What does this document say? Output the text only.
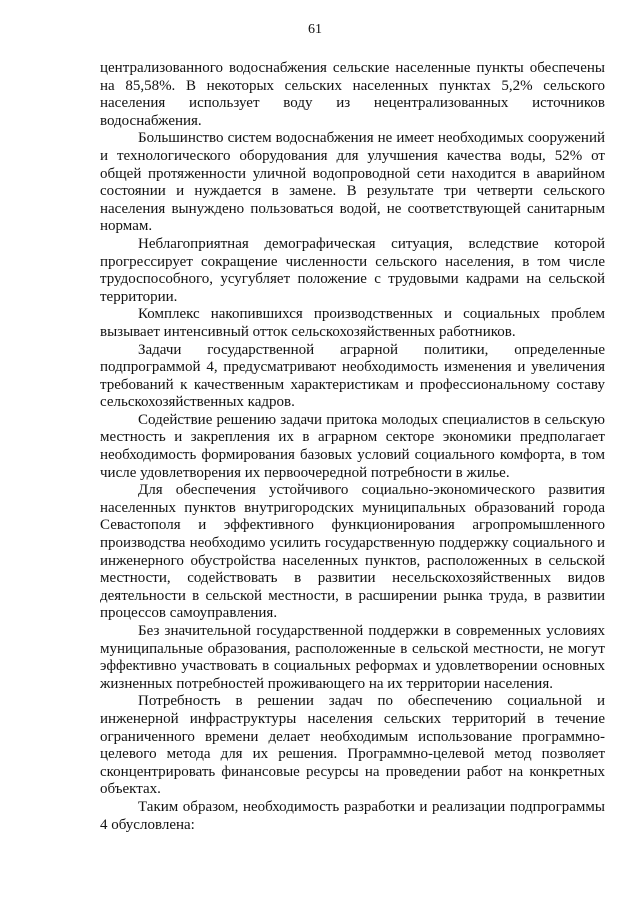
61

централизованного водоснабжения сельские населенные пункты обеспечены на 85,58%. В некоторых сельских населенных пунктах 5,2% сельского населения использует воду из нецентрализованных источников водоснабжения.

Большинство систем водоснабжения не имеет необходимых сооружений и технологического оборудования для улучшения качества воды, 52% от общей протяженности уличной водопроводной сети находится в аварийном состоянии и нуждается в замене. В результате три четверти сельского населения вынуждено пользоваться водой, не соответствующей санитарным нормам.

Неблагоприятная демографическая ситуация, вследствие которой прогрессирует сокращение численности сельского населения, в том числе трудоспособного, усугубляет положение с трудовыми кадрами на сельской территории.

Комплекс накопившихся производственных и социальных проблем вызывает интенсивный отток сельскохозяйственных работников.

Задачи государственной аграрной политики, определенные подпрограммой 4, предусматривают необходимость изменения и увеличения требований к качественным характеристикам и профессиональному составу сельскохозяйственных кадров.

Содействие решению задачи притока молодых специалистов в сельскую местность и закрепления их в аграрном секторе экономики предполагает необходимость формирования базовых условий социального комфорта, в том числе удовлетворения их первоочередной потребности в жилье.

Для обеспечения устойчивого социально-экономического развития населенных пунктов внутригородских муниципальных образований города Севастополя и эффективного функционирования агропромышленного производства необходимо усилить государственную поддержку социального и инженерного обустройства населенных пунктов, расположенных в сельской местности, содействовать в развитии несельскохозяйственных видов деятельности в сельской местности, в расширении рынка труда, в развитии процессов самоуправления.

Без значительной государственной поддержки в современных условиях муниципальные образования, расположенные в сельской местности, не могут эффективно участвовать в социальных реформах и удовлетворении основных жизненных потребностей проживающего на их территории населения.

Потребность в решении задач по обеспечению социальной и инженерной инфраструктуры населения сельских территорий в течение ограниченного времени делает необходимым использование программно-целевого метода для их решения. Программно-целевой метод позволяет сконцентрировать финансовые ресурсы на проведении работ на конкретных объектах.

Таким образом, необходимость разработки и реализации подпрограммы 4 обусловлена:
